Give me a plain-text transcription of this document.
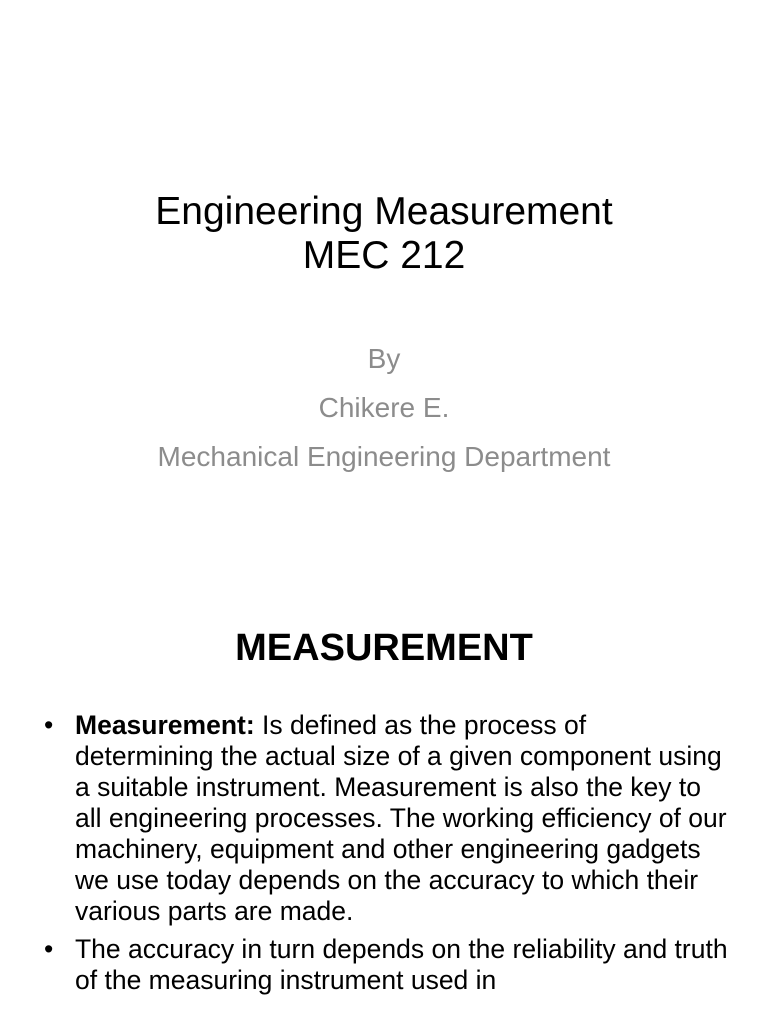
Engineering Measurement
MEC 212
By
Chikere E.
Mechanical Engineering Department
MEASUREMENT
• Measurement: Is defined as the process of determining the actual size of a given component using a suitable instrument. Measurement is also the key to all engineering processes. The working efficiency of our machinery, equipment and other engineering gadgets we use today depends on the accuracy to which their various parts are made.
• The accuracy in turn depends on the reliability and truth of the measuring instrument used in
